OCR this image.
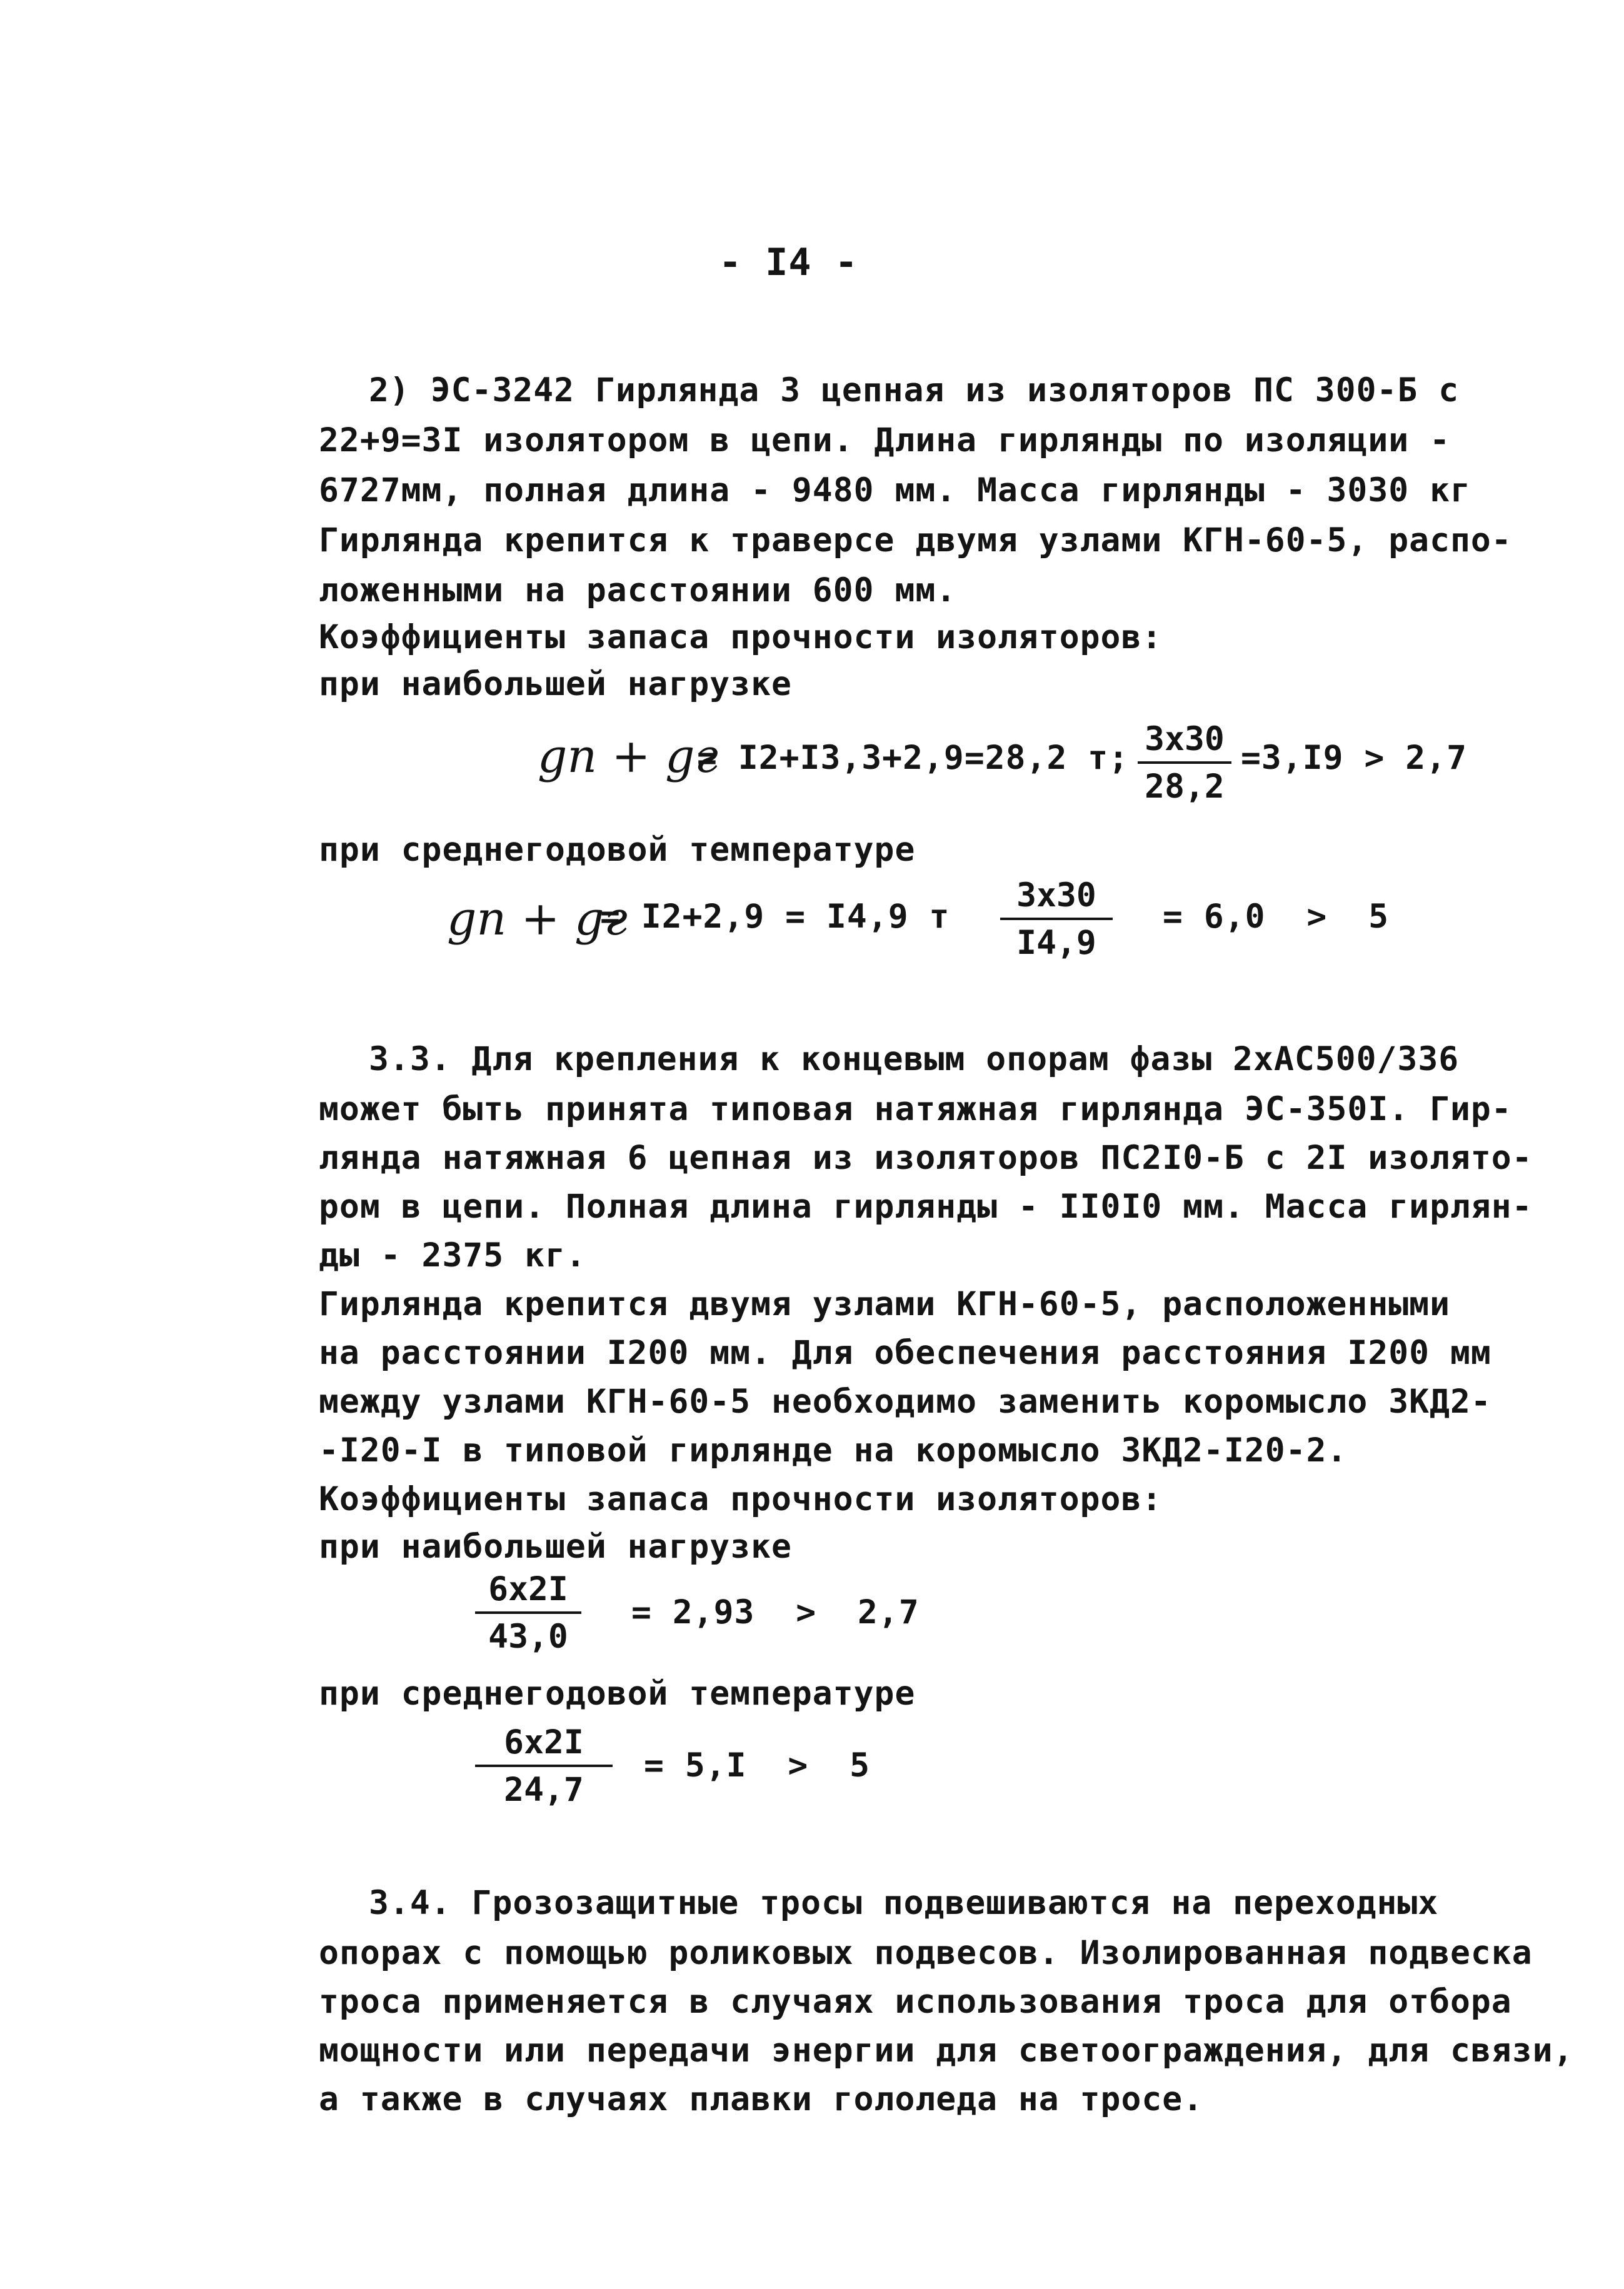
- I4 -
2) ЭС-3242 Гирлянда 3 цепная из изоляторов ПС 300-Б с
22+9=3I изолятором в цепи. Длина гирлянды по изоляции -
6727мм, полная длина - 9480 мм. Масса гирлянды - 3030 кг
Гирлянда крепится к траверсе двумя узлами КГН-60-5, распо-
ложенными на расстоянии 600 мм.
Коэффициенты запаса прочности изоляторов:
при наибольшей нагрузке
gп + gг
= I2+I3,3+2,9=28,2 т; 3х30
28,2
=3,I9 > 2,7
при среднегодовой температуре
gп + gг
= I2+2,9 = I4,9 т
3х30
I4,9
= 6,0  >  5
3.3. Для крепления к концевым опорам фазы 2хАС500/336
может быть принята типовая натяжная гирлянда ЭС-350I. Гир-
лянда натяжная 6 цепная из изоляторов ПС2I0-Б с 2I изолято-
ром в цепи. Полная длина гирлянды - II0I0 мм. Масса гирлян-
ды - 2375 кг.
Гирлянда крепится двумя узлами КГН-60-5, расположенными
на расстоянии I200 мм. Для обеспечения расстояния I200 мм
между узлами КГН-60-5 необходимо заменить коромысло 3КД2-
-I20-I в типовой гирлянде на коромысло 3КД2-I20-2.
Коэффициенты запаса прочности изоляторов:
при наибольшей нагрузке
6х2I
43,0
= 2,93  >  2,7
при среднегодовой температуре
6х2I
24,7
= 5,I  >  5
3.4. Грозозащитные тросы подвешиваются на переходных
опорах с помощью роликовых подвесов. Изолированная подвеска
троса применяется в случаях использования троса для отбора
мощности или передачи энергии для светоограждения, для связи,
а также в случаях плавки гололеда на тросе.
